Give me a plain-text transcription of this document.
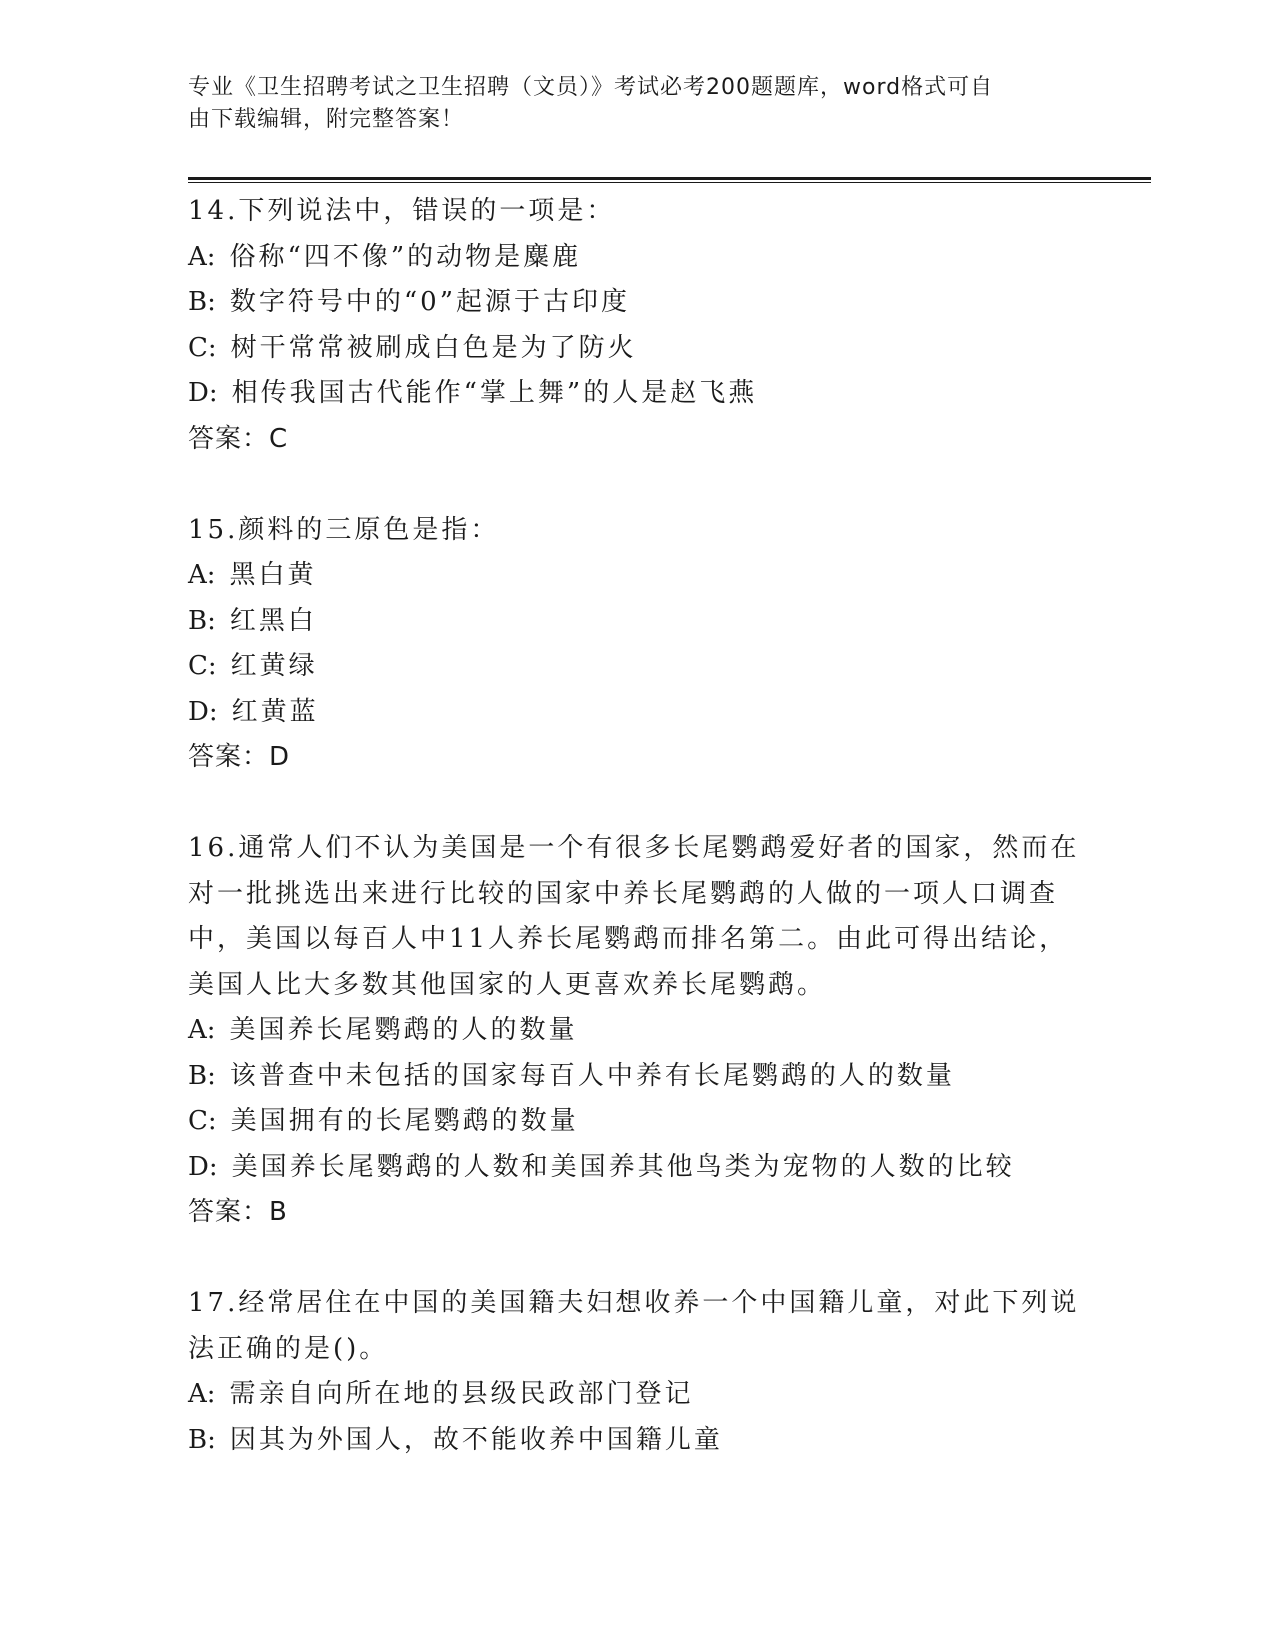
专业《卫生招聘考试之卫生招聘（文员）》考试必考200题题库，word格式可自
由下载编辑，附完整答案！
14.下列说法中，错误的一项是：
A: 俗称“四不像”的动物是麋鹿
B: 数字符号中的“0”起源于古印度
C: 树干常常被刷成白色是为了防火
D: 相传我国古代能作“掌上舞”的人是赵飞燕
答案：C
15.颜料的三原色是指：
A: 黑白黄
B: 红黑白
C: 红黄绿
D: 红黄蓝
答案：D
16.通常人们不认为美国是一个有很多长尾鹦鹉爱好者的国家，然而在
对一批挑选出来进行比较的国家中养长尾鹦鹉的人做的一项人口调查
中，美国以每百人中11人养长尾鹦鹉而排名第二。由此可得出结论，
美国人比大多数其他国家的人更喜欢养长尾鹦鹉。
A: 美国养长尾鹦鹉的人的数量
B: 该普查中未包括的国家每百人中养有长尾鹦鹉的人的数量
C: 美国拥有的长尾鹦鹉的数量
D: 美国养长尾鹦鹉的人数和美国养其他鸟类为宠物的人数的比较
答案：B
17.经常居住在中国的美国籍夫妇想收养一个中国籍儿童，对此下列说
法正确的是()。
A: 需亲自向所在地的县级民政部门登记
B: 因其为外国人，故不能收养中国籍儿童
